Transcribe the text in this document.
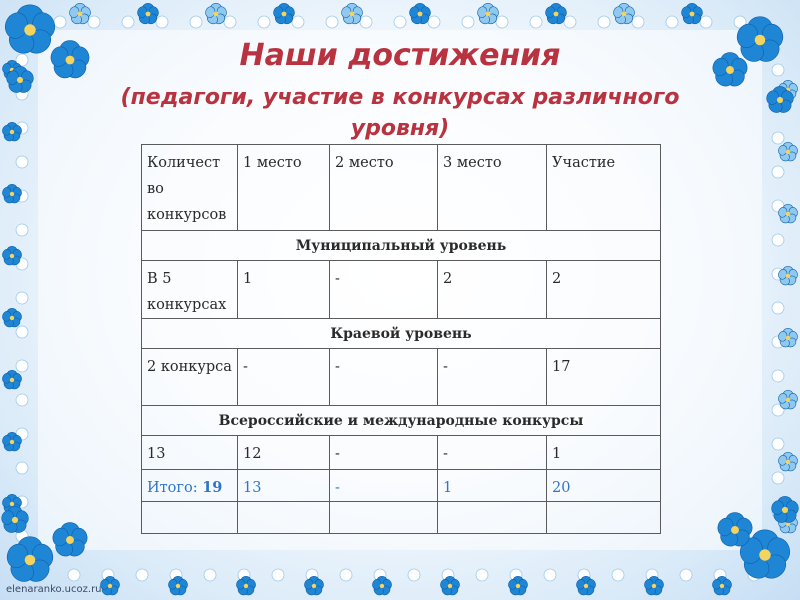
Наши достижения
(педагоги, участие в конкурсах различного уровня)
Количест во конкурсов	1 место	2 место	3 место	Участие
Муниципальный уровень				
В 5 конкурсах	1	-	2	2
Краевой уровень				
2 конкурса	-	-	-	17
Всероссийские и международные конкурсы				
13	12	-	-	1
Итого: 19	13	-	1	20

elenaranko.ucoz.ru
